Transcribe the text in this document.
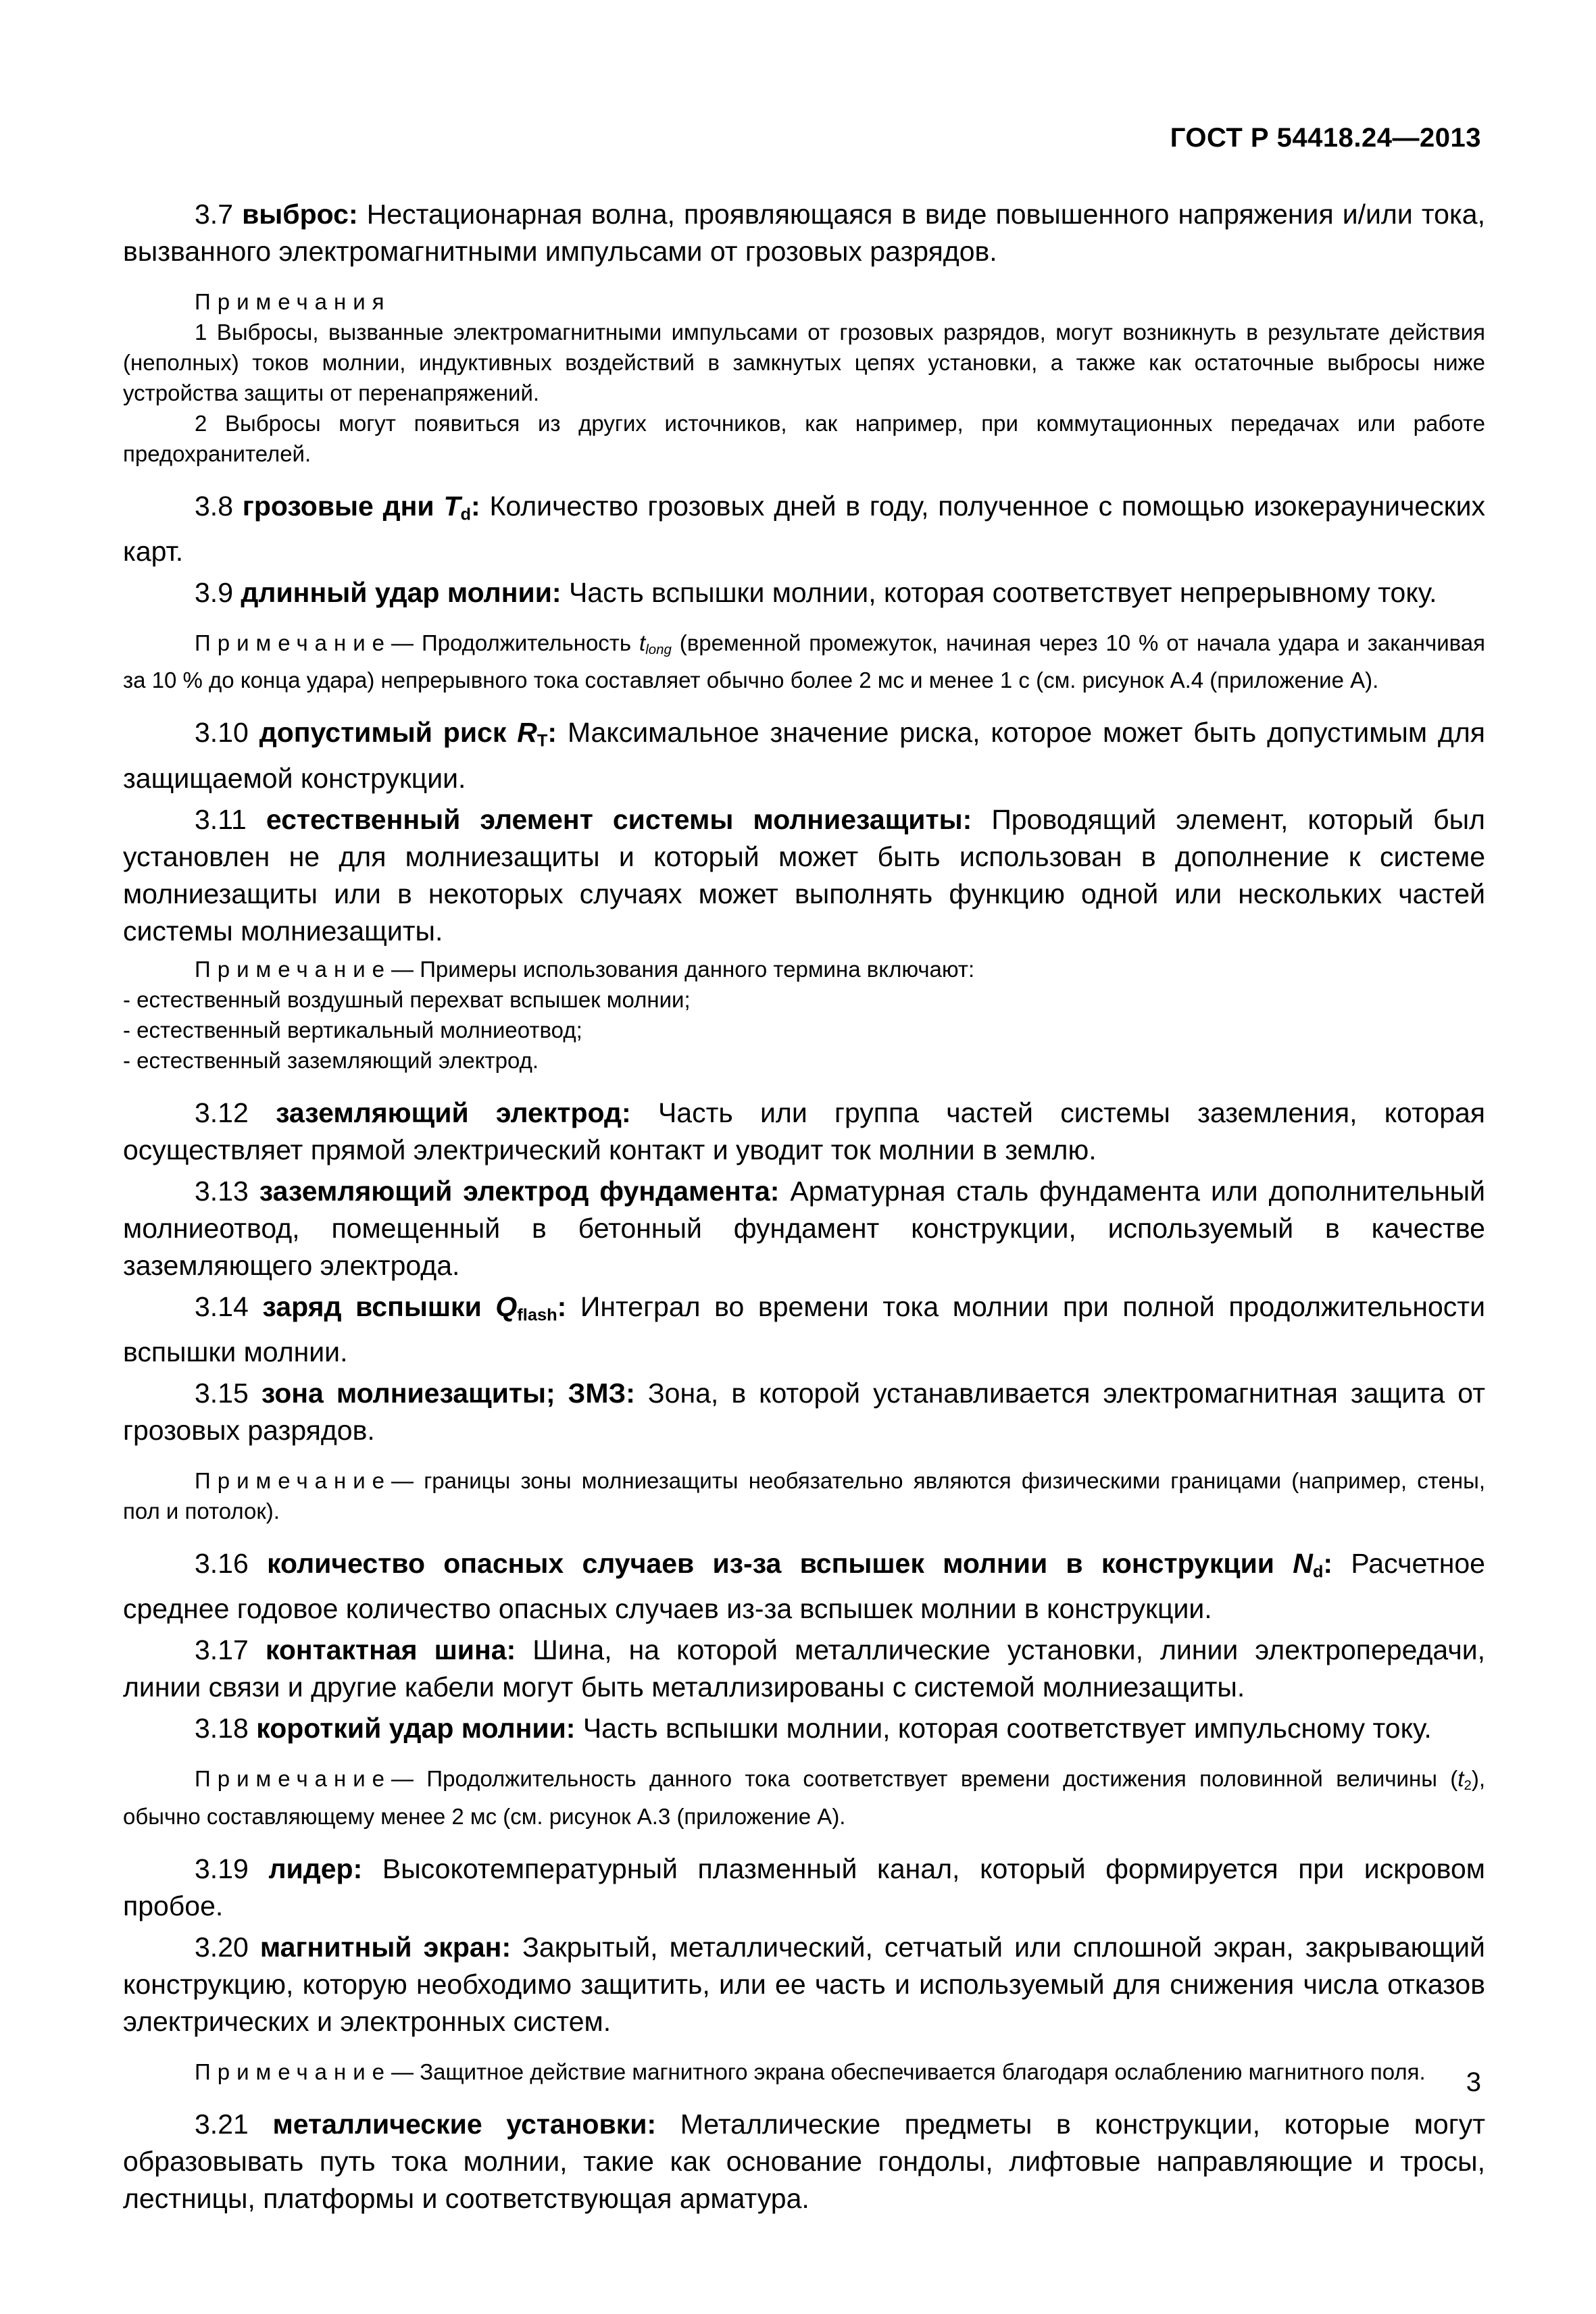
ГОСТ Р 54418.24—2013

3.7 выброс: Нестационарная волна, проявляющаяся в виде повышенного напряжения и/или тока, вызванного электромагнитными импульсами от грозовых разрядов.

Примечания

1 Выбросы, вызванные электромагнитными импульсами от грозовых разрядов, могут возникнуть в результате действия (неполных) токов молнии, индуктивных воздействий в замкнутых цепях установки, а также как остаточные выбросы ниже устройства защиты от перенапряжений.

2 Выбросы могут появиться из других источников, как например, при коммутационных передачах или работе предохранителей.

3.8 грозовые дни $T_d$: Количество грозовых дней в году, полученное с помощью изокераунических карт.

3.9 длинный удар молнии: Часть вспышки молнии, которая соответствует непрерывному току.

Примечание— Продолжительность $t_{long}$ (временной промежуток, начиная через 10 % от начала удара и заканчивая за 10 % до конца удара) непрерывного тока составляет обычно более 2 мс и менее 1 с (см. рисунок А.4 (приложение А).

3.10 допустимый риск $R_T$: Максимальное значение риска, которое может быть допустимым для защищаемой конструкции.

3.11 естественный элемент системы молниезащиты: Проводящий элемент, который был установлен не для молниезащиты и который может быть использован в дополнение к системе молниезащиты или в некоторых случаях может выполнять функцию одной или нескольких частей системы молниезащиты.

Примечание— Примеры использования данного термина включают:

- естественный воздушный перехват вспышек молнии;

- естественный вертикальный молниеотвод;

- естественный заземляющий электрод.

3.12 заземляющий электрод: Часть или группа частей системы заземления, которая осуществляет прямой электрический контакт и уводит ток молнии в землю.

3.13 заземляющий электрод фундамента: Арматурная сталь фундамента или дополнительный молниеотвод, помещенный в бетонный фундамент конструкции, используемый в качестве заземляющего электрода.

3.14 заряд вспышки $Q_{flash}$: Интеграл во времени тока молнии при полной продолжительности вспышки молнии.

3.15 зона молниезащиты; ЗМЗ: Зона, в которой устанавливается электромагнитная защита от грозовых разрядов.

Примечание— границы зоны молниезащиты необязательно являются физическими границами (например, стены, пол и потолок).

3.16 количество опасных случаев из-за вспышек молнии в конструкции $N_d$: Расчетное среднее годовое количество опасных случаев из-за вспышек молнии в конструкции.

3.17 контактная шина: Шина, на которой металлические установки, линии электропередачи, линии связи и другие кабели могут быть металлизированы с системой молниезащиты.

3.18 короткий удар молнии: Часть вспышки молнии, которая соответствует импульсному току.

Примечание— Продолжительность данного тока соответствует времени достижения половинной величины $(t_2)$, обычно составляющему менее 2 мс (см. рисунок А.3 (приложение А).

3.19 лидер: Высокотемпературный плазменный канал, который формируется при искровом пробое.

3.20 магнитный экран: Закрытый, металлический, сетчатый или сплошной экран, закрывающий конструкцию, которую необходимо защитить, или ее часть и используемый для снижения числа отказов электрических и электронных систем.

Примечание— Защитное действие магнитного экрана обеспечивается благодаря ослаблению магнитного поля.

3.21 металлические установки: Металлические предметы в конструкции, которые могут образовывать путь тока молнии, такие как основание гондолы, лифтовые направляющие и тросы, лестницы, платформы и соответствующая арматура.

3
